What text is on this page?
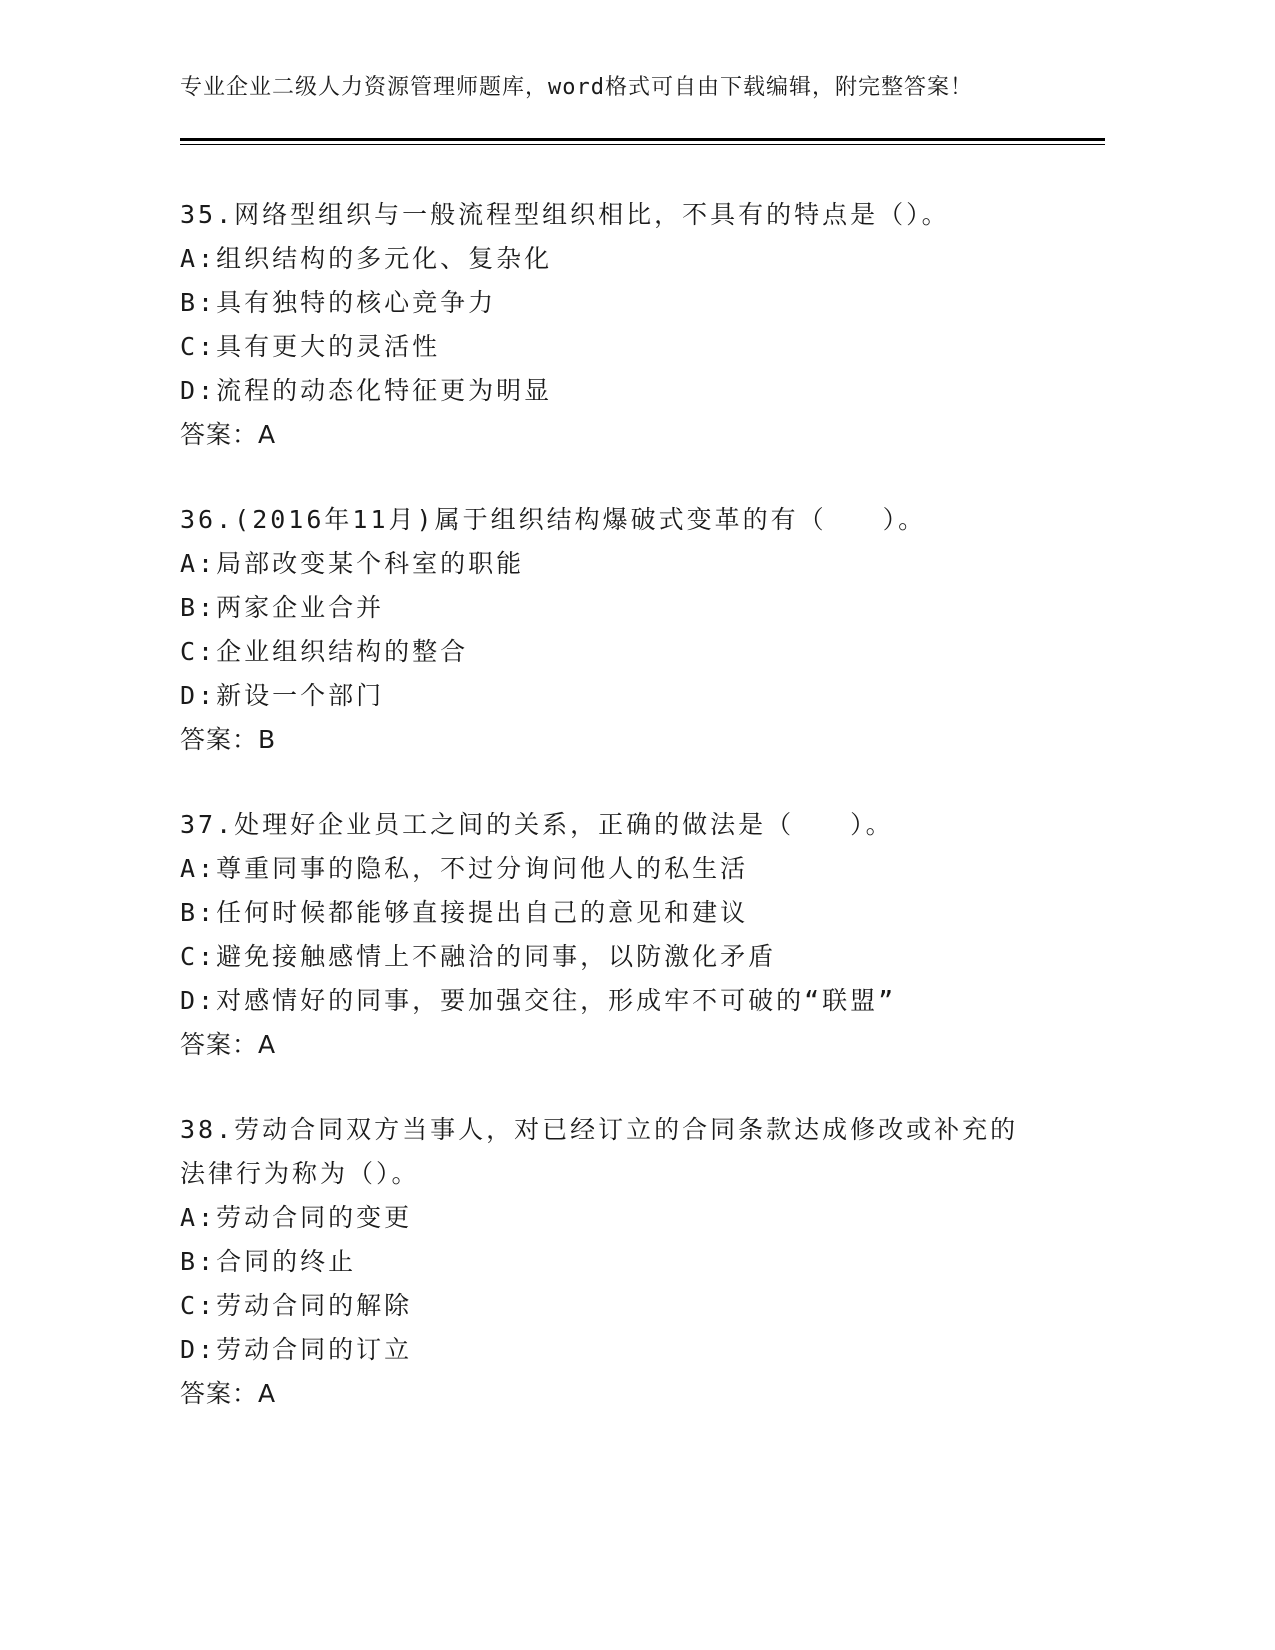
专业企业二级人力资源管理师题库，word格式可自由下载编辑，附完整答案！

35.网络型组织与一般流程型组织相比，不具有的特点是（）。

A:组织结构的多元化、复杂化

B:具有独特的核心竞争力

C:具有更大的灵活性

D:流程的动态化特征更为明显

答案：A

36.(2016年11月)属于组织结构爆破式变革的有（　　）。

A:局部改变某个科室的职能

B:两家企业合并

C:企业组织结构的整合

D:新设一个部门

答案：B

37.处理好企业员工之间的关系，正确的做法是（　　）。

A:尊重同事的隐私，不过分询问他人的私生活

B:任何时候都能够直接提出自己的意见和建议

C:避免接触感情上不融洽的同事，以防激化矛盾

D:对感情好的同事，要加强交往，形成牢不可破的“联盟”

答案：A

38.劳动合同双方当事人，对已经订立的合同条款达成修改或补充的法律行为称为（）。

A:劳动合同的变更

B:合同的终止

C:劳动合同的解除

D:劳动合同的订立

答案：A
